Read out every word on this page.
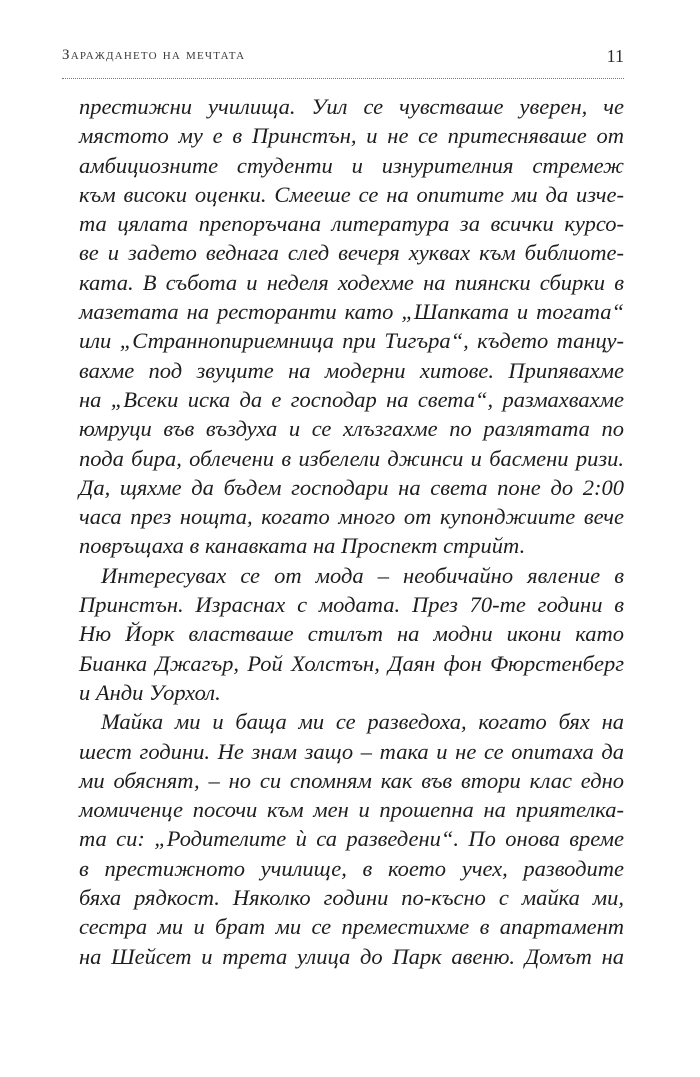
Зараждането на мечтата	11
престижни училища. Уил се чувстваше уверен, че
мястото му е в Принстън, и не се притесняваше от
амбициозните студенти и изнурителния стремеж
към високи оценки. Смееше се на опитите ми да изче-
та цялата препоръчана литература за всички курсо-
ве и задето веднага след вечеря хуквах към библиоте-
ката. В събота и неделя ходехме на пиянски сбирки в
мазетата на ресторанти като „Шапката и тогата“
или „Страннопириемница при Тигъра“, където танцу-
вахме под звуците на модерни хитове. Припявахме
на „Всеки иска да е господар на света“, размахвахме
юмруци във въздуха и се хлъзгахме по разлятата по
пода бира, облечени в избелели джинси и басмени ризи.
Да, щяхме да бъдем господари на света поне до 2:00
часа през нощта, когато много от купонджиите вече
повръщаха в канавката на Проспект стрийт.
Интересувах се от мода – необичайно явление в
Принстън. Израснах с модата. През 70-те години в
Ню Йорк властваше стилът на модни икони като
Бианка Джагър, Рой Холстън, Даян фон Фюрстенберг
и Анди Уорхол.
Майка ми и баща ми се разведоха, когато бях на
шест години. Не знам защо – така и не се опитаха да
ми обяснят, – но си спомням как във втори клас едно
момиченце посочи към мен и прошепна на приятелка-
та си: „Родителите ѝ са разведени“. По онова време
в престижното училище, в което учех, разводите
бяха рядкост. Няколко години по-късно с майка ми,
сестра ми и брат ми се преместихме в апартамент
на Шейсет и трета улица до Парк авеню. Домът на
